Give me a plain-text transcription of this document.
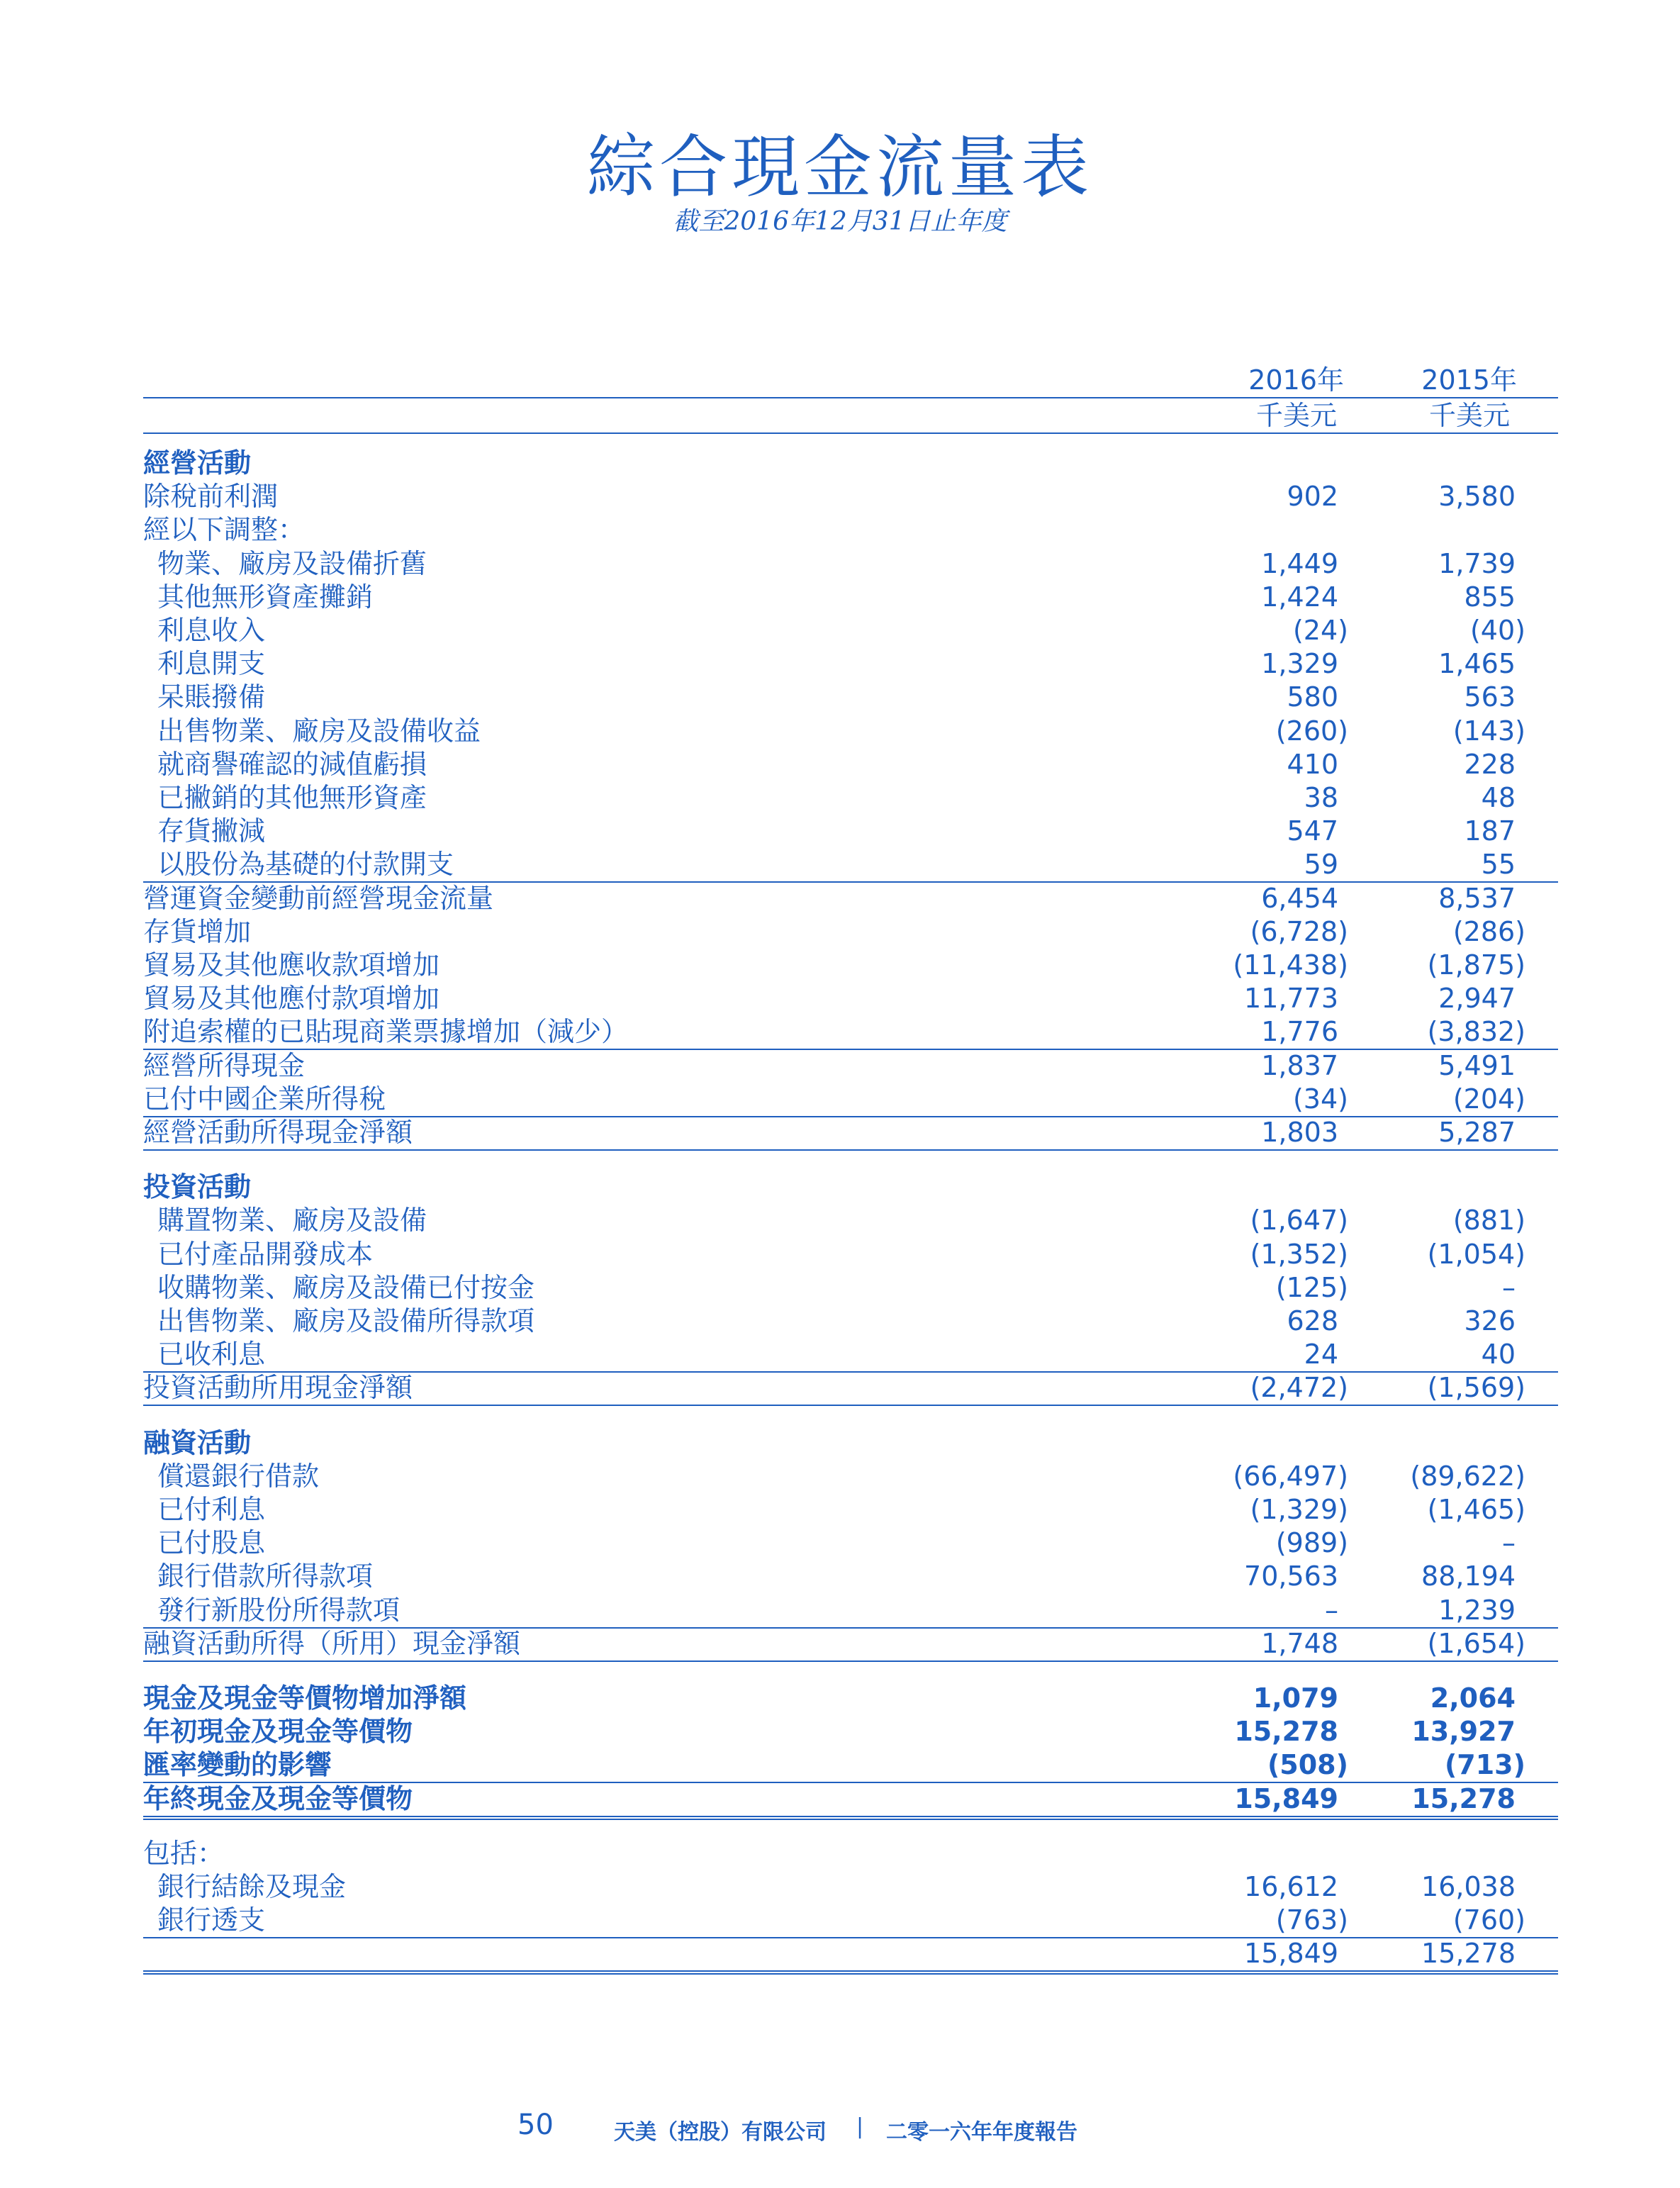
綜合現金流量表
截至2016年12月31日止年度
2016年	2015年
千美元	千美元
經營活動
除稅前利潤	902	3,580
經以下調整：
物業、廠房及設備折舊	1,449	1,739
其他無形資產攤銷	1,424	855
利息收入	(24)	(40)
利息開支	1,329	1,465
呆賬撥備	580	563
出售物業、廠房及設備收益	(260)	(143)
就商譽確認的減值虧損	410	228
已撇銷的其他無形資產	38	48
存貨撇減	547	187
以股份為基礎的付款開支	59	55
營運資金變動前經營現金流量	6,454	8,537
存貨增加	(6,728)	(286)
貿易及其他應收款項增加	(11,438)	(1,875)
貿易及其他應付款項增加	11,773	2,947
附追索權的已貼現商業票據增加（減少）	1,776	(3,832)
經營所得現金	1,837	5,491
已付中國企業所得稅	(34)	(204)
經營活動所得現金淨額	1,803	5,287
投資活動
購置物業、廠房及設備	(1,647)	(881)
已付產品開發成本	(1,352)	(1,054)
收購物業、廠房及設備已付按金	(125)	–
出售物業、廠房及設備所得款項	628	326
已收利息	24	40
投資活動所用現金淨額	(2,472)	(1,569)
融資活動
償還銀行借款	(66,497) (89,622)
已付利息	(1,329)	(1,465)
已付股息	(989)	–
銀行借款所得款項	70,563	88,194
發行新股份所得款項	–	1,239
融資活動所得（所用）現金淨額	1,748	(1,654)
現金及現金等價物增加淨額	1,079	2,064
年初現金及現金等價物	15,278	13,927
匯率變動的影響	(508)	(713)
年終現金及現金等價物	15,849	15,278
包括：
銀行結餘及現金	16,612	16,038
銀行透支	(763)	(760)
15,849	15,278
50	天美（控股）有限公司 | 二零一六年年度報告
